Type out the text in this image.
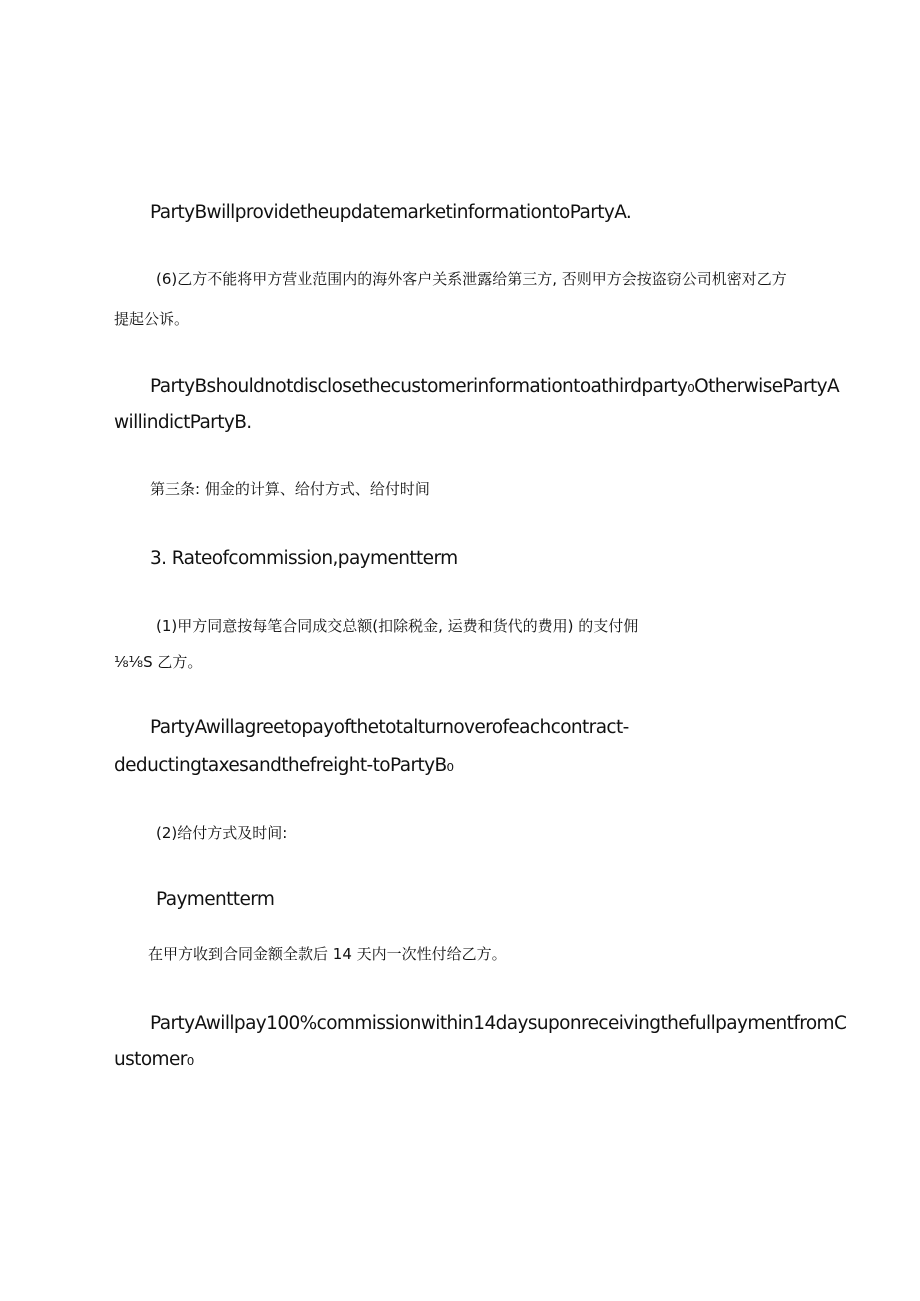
PartyBwillprovidetheupdatemarketinformationtoPartyA.
(6)乙方不能将甲方营业范围内的海外客户关系泄露给第三方, 否则甲方会按盗窃公司机密对乙方
提起公诉。
PartyBshouldnotdisclosethecustomerinformationtoathirdparty₀OtherwisePartyA
willindictPartyB.
第三条: 佣金的计算、给付方式、给付时间
3. Rateofcommission,paymentterm
(1)甲方同意按每笔合同成交总额(扣除税金, 运费和货代的费用) 的支付佣
⅛⅛S 乙方。
PartyAwillagreetopayofthetotalturnoverofeachcontract-
deductingtaxesandthefreight-toPartyB₀
(2)给付方式及时间:
Paymentterm
在甲方收到合同金额全款后 14 天内一次性付给乙方。
PartyAwillpay100%commissionwithin14daysuponreceivingthefullpaymentfromC
ustomer₀
